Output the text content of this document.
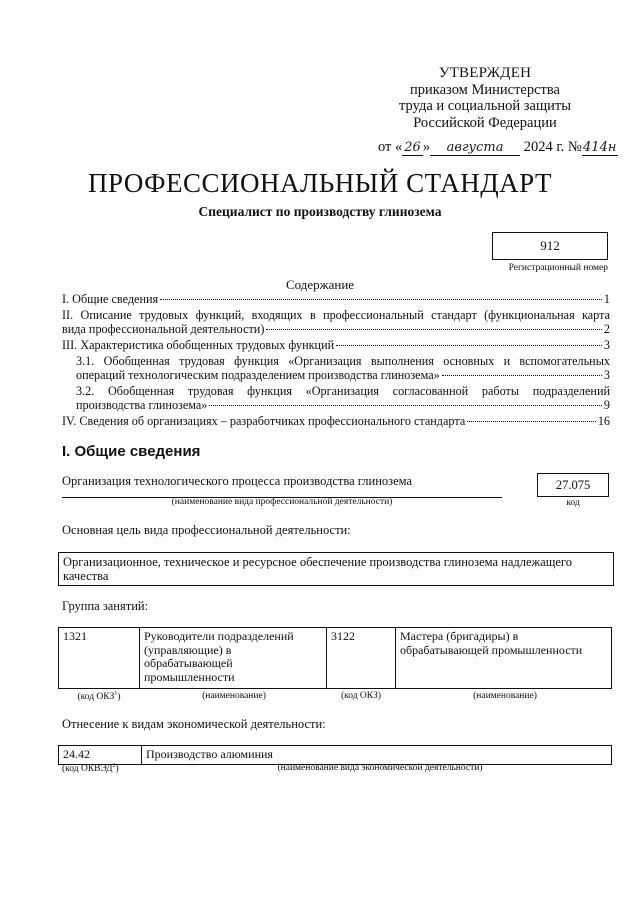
УТВЕРЖДЕН
приказом Министерства
труда и социальной защиты
Российской Федерации
от « 26 » августа 2024 г. №414н
ПРОФЕССИОНАЛЬНЫЙ СТАНДАРТ
Специалист по производству глинозема
912
Регистрационный номер
Содержание
I. Общие сведения	1
II. Описание трудовых функций, входящих в профессиональный стандарт (функциональная карта
вида профессиональной деятельности)	2
III. Характеристика обобщенных трудовых функций	3
3.1. Обобщенная трудовая функция «Организация выполнения основных и вспомогательных
операций технологическим подразделением производства глинозема»	3
3.2. Обобщенная трудовая функция «Организация согласованной работы подразделений
производства глинозема»	9
IV. Сведения об организациях – разработчиках профессионального стандарта	16
I. Общие сведения
Организация технологического процесса производства глинозема
(наименование вида профессиональной деятельности)
27.075
код
Основная цель вида профессиональной деятельности:
Организационное, техническое и ресурсное обеспечение производства глинозема надлежащего качества
Группа занятий:
1321	Руководители подразделений (управляющие) в обрабатывающей промышленности	3122	Мастера (бригадиры) в обрабатывающей промышленности
(код ОКЗ$^1$)	(наименование)	(код ОКЗ)	(наименование)
Отнесение к видам экономической деятельности:
24.42	Производство алюминия
(код ОКВЭД$^2$)	(наименование вида экономической деятельности)
